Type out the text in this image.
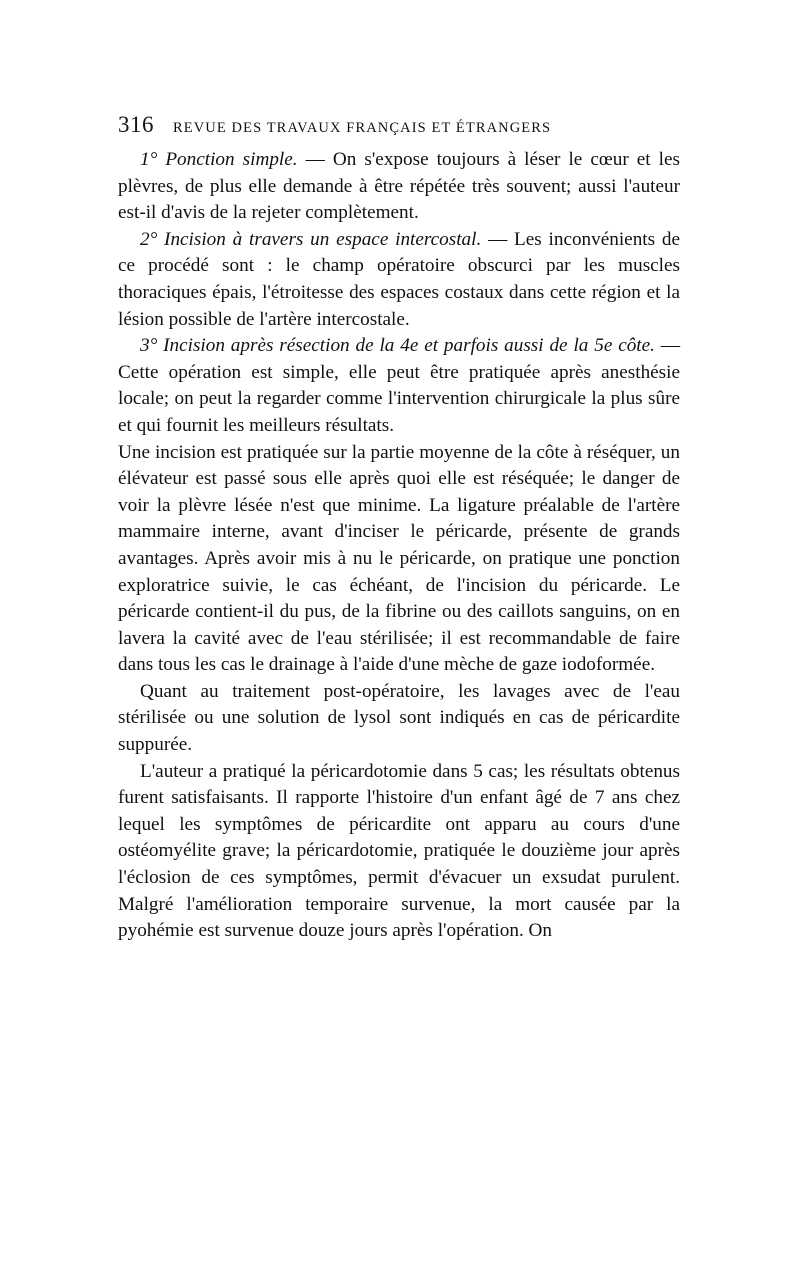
316	REVUE DES TRAVAUX FRANÇAIS ET ÉTRANGERS

1° Ponction simple. — On s'expose toujours à léser le cœur et les plèvres, de plus elle demande à être répétée très souvent; aussi l'auteur est-il d'avis de la rejeter complètement.

2° Incision à travers un espace intercostal. — Les inconvénients de ce procédé sont : le champ opératoire obscurci par les muscles thoraciques épais, l'étroitesse des espaces costaux dans cette région et la lésion possible de l'artère intercostale.

3° Incision après résection de la 4e et parfois aussi de la 5e côte. — Cette opération est simple, elle peut être pratiquée après anesthésie locale; on peut la regarder comme l'intervention chirurgicale la plus sûre et qui fournit les meilleurs résultats.

Une incision est pratiquée sur la partie moyenne de la côte à réséquer, un élévateur est passé sous elle après quoi elle est réséquée; le danger de voir la plèvre lésée n'est que minime. La ligature préalable de l'artère mammaire interne, avant d'inciser le péricarde, présente de grands avantages. Après avoir mis à nu le péricarde, on pratique une ponction exploratrice suivie, le cas échéant, de l'incision du péricarde. Le péricarde contient-il du pus, de la fibrine ou des caillots sanguins, on en lavera la cavité avec de l'eau stérilisée; il est recommandable de faire dans tous les cas le drainage à l'aide d'une mèche de gaze iodoformée.

Quant au traitement post-opératoire, les lavages avec de l'eau stérilisée ou une solution de lysol sont indiqués en cas de péricardite suppurée.

L'auteur a pratiqué la péricardotomie dans 5 cas; les résultats obtenus furent satisfaisants. Il rapporte l'histoire d'un enfant âgé de 7 ans chez lequel les symptômes de péricardite ont apparu au cours d'une ostéomyélite grave; la péricardotomie, pratiquée le douzième jour après l'éclosion de ces symptômes, permit d'évacuer un exsudat purulent. Malgré l'amélioration temporaire survenue, la mort causée par la pyohémie est survenue douze jours après l'opération. On
